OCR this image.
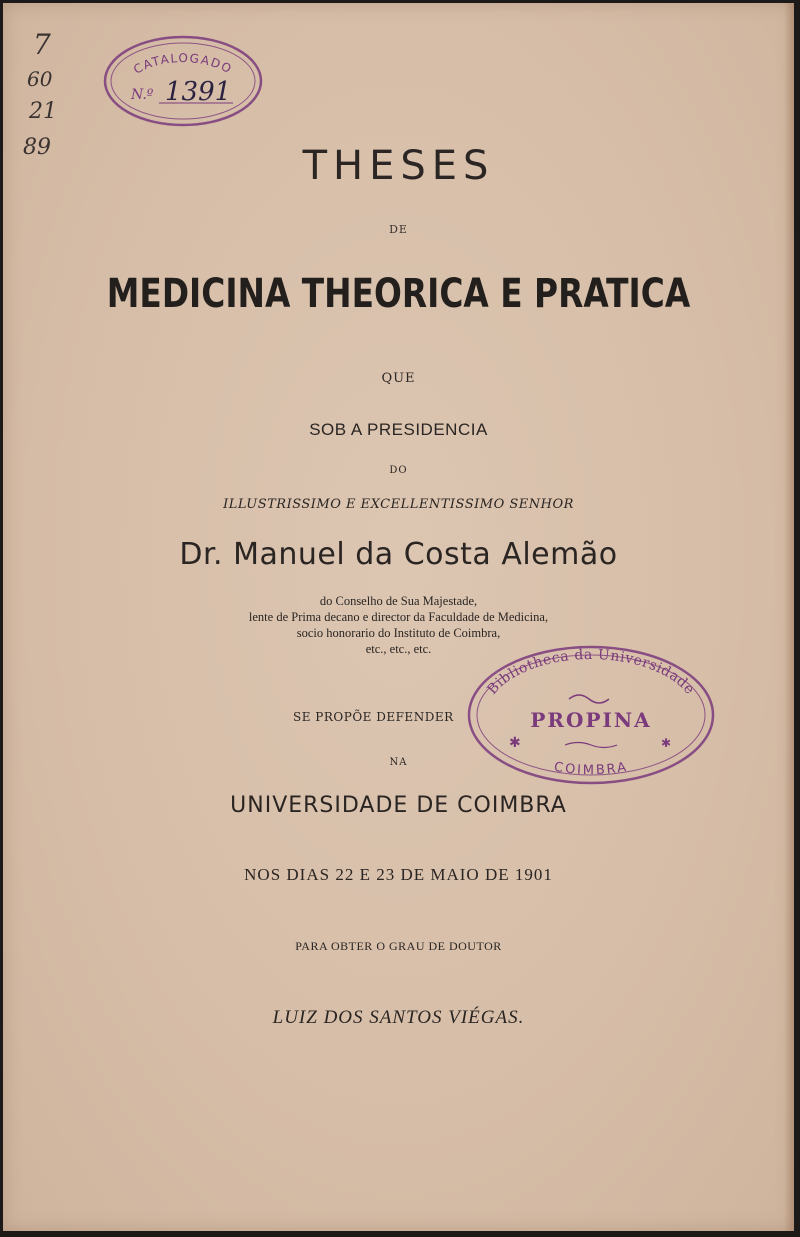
7
60
21
89
CATALOGADO
N.º 1391
THESES
DE
MEDICINA THEORICA E PRATICA
QUE
SOB A PRESIDENCIA
DO
ILLUSTRISSIMO E EXCELLENTISSIMO SENHOR
Dr. Manuel da Costa Alemão
do Conselho de Sua Majestade,
lente de Prima decano e director da Faculdade de Medicina,
socio honorario do Instituto de Coimbra,
etc., etc., etc.
SE PROPÕE DEFENDER
Bibliotheca da Universidade
PROPINA
✱	✱
COIMBRA
NA
UNIVERSIDADE DE COIMBRA
NOS DIAS 22 E 23 DE MAIO DE 1901
PARA OBTER O GRAU DE DOUTOR
LUIZ DOS SANTOS VIÉGAS.
